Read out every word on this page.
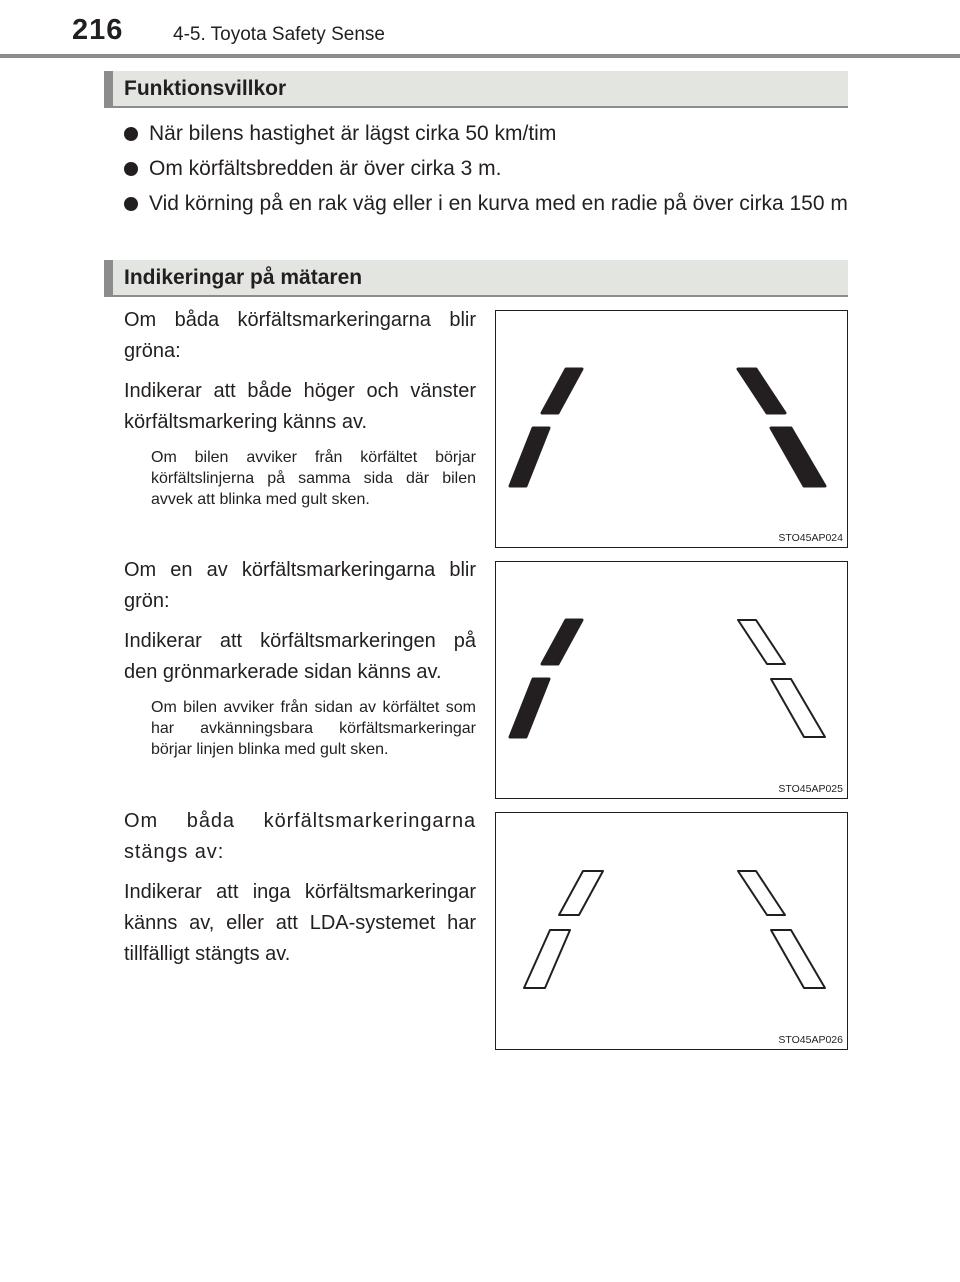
216	4-5. Toyota Safety Sense
Funktionsvillkor
När bilens hastighet är lägst cirka 50 km/tim
Om körfältsbredden är över cirka 3 m.
Vid körning på en rak väg eller i en kurva med en radie på över cirka 150 m
Indikeringar på mätaren

Om båda körfältsmarkeringarna blir gröna:

Indikerar att både höger och vänster körfältsmarkering känns av.

Om bilen avviker från körfältet börjar körfältslinjerna på samma sida där bilen avvek att blinka med gult sken.

STO45AP024

Om en av körfältsmarkeringarna blir grön:

Indikerar att körfältsmarkeringen på den grönmarkerade sidan känns av.

Om bilen avviker från sidan av körfältet som har avkänningsbara körfältsmarkeringar börjar linjen blinka med gult sken.

STO45AP025

Om båda körfältsmarkeringarna stängs av:

Indikerar att inga körfältsmarkeringar känns av, eller att LDA-systemet har tillfälligt stängts av.

STO45AP026
